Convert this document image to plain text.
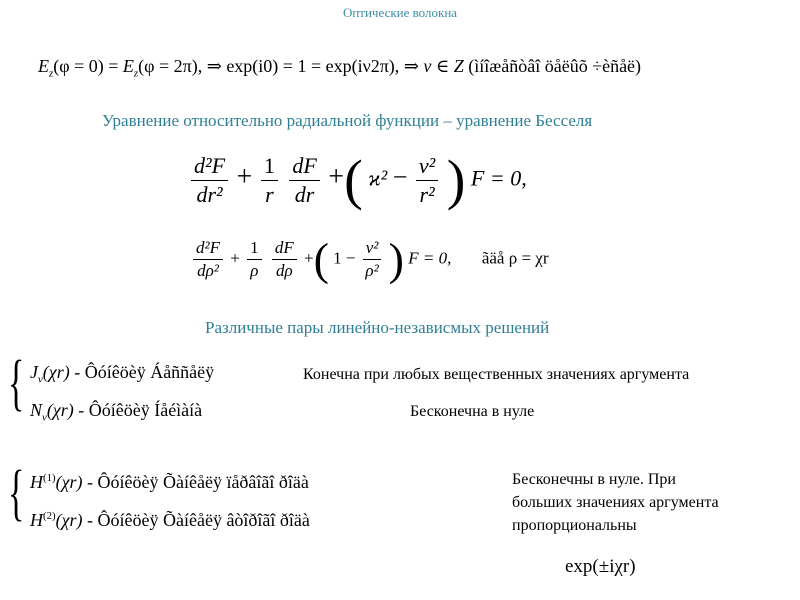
Оптические волокна
$E_z(\varphi = 0) = E_z(\varphi = 2\pi)$, ⇒ exp(i0) = 1 = exp(iν2π), ⇒ ν ∈ Z (ìíîæåñòâî öåëûõ ÷èñåë)
Уравнение относительно радиальной функции – уравнение Бесселя
$\frac{\text{d²F}}{\text{dr²}} + \frac{1}{r}$
$\frac{dF}{dr}$ +( $ϰ^2 - \frac{\text{ν²}}{\text{r²}}$ ) F = 0,
$\frac{\text{d²F}}{\text{dρ²}} + \frac{1}{\rho}$
$\frac{dF}{d\rho}$ +( $1 - \frac{\text{ν²}}{\text{ρ²}}$ ) F = 0, ãäå ρ = χr
Различные пары линейно-независмых решений
{ $J_\nu(\chi r)$ - Ôóíêöèÿ Áåññåëÿ
$N_\nu(\chi r)$ - Ôóíêöèÿ Íåéìàíà
Конечна при любых вещественных значениях аргумента
Бесконечна в нуле
{ $H^{(1)}(\chi r)$ - Ôóíêöèÿ Õàíêåëÿ ïåðâîãî ðîäà
$H^{(2)}(\chi r)$ - Ôóíêöèÿ Õàíêåëÿ âòîðîãî ðîäà
Бесконечны в нуле. При
больших значениях аргумента
пропорциональны
exp(±iχr)
